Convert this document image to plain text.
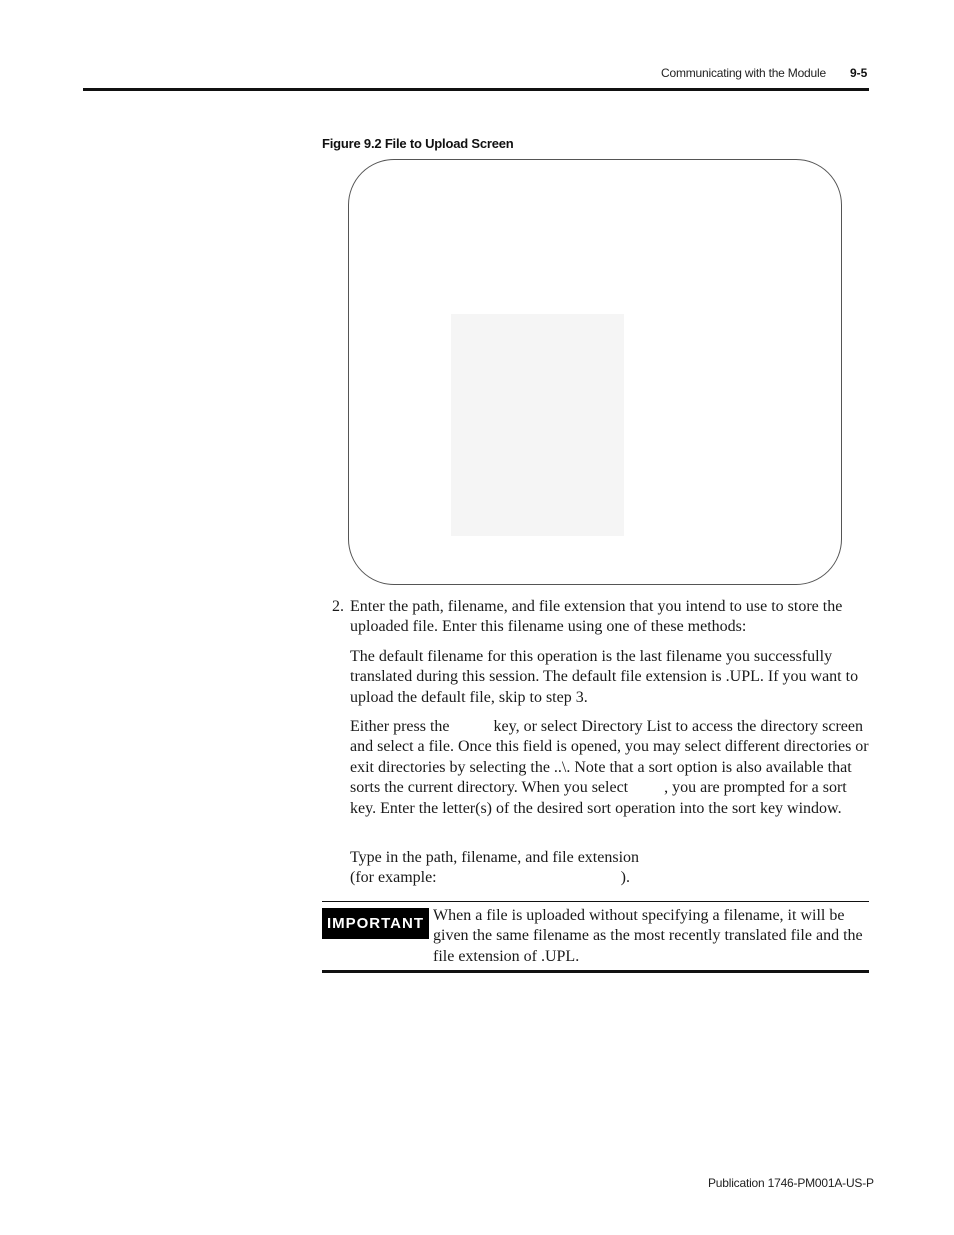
Communicating with the Module 9-5
Figure 9.2 File to Upload Screen
2. Enter the path, filename, and file extension that you intend to use to store the uploaded file. Enter this filename using one of these methods:
The default filename for this operation is the last filename you successfully translated during this session. The default file extension is .UPL. If you want to upload the default file, skip to step 3.
Either press the           key, or select Directory List to access the directory screen and select a file. Once this field is opened, you may select different directories or exit directories by selecting the ..\. Note that a sort option is also available that sorts the current directory. When you select         , you are prompted for a sort key. Enter the letter(s) of the desired sort operation into the sort key window.
Type in the path, filename, and file extension
(for example:                                              ).
IMPORTANT When a file is uploaded without specifying a filename, it will be given the same filename as the most recently translated file and the file extension of .UPL.
Publication 1746-PM001A-US-P
